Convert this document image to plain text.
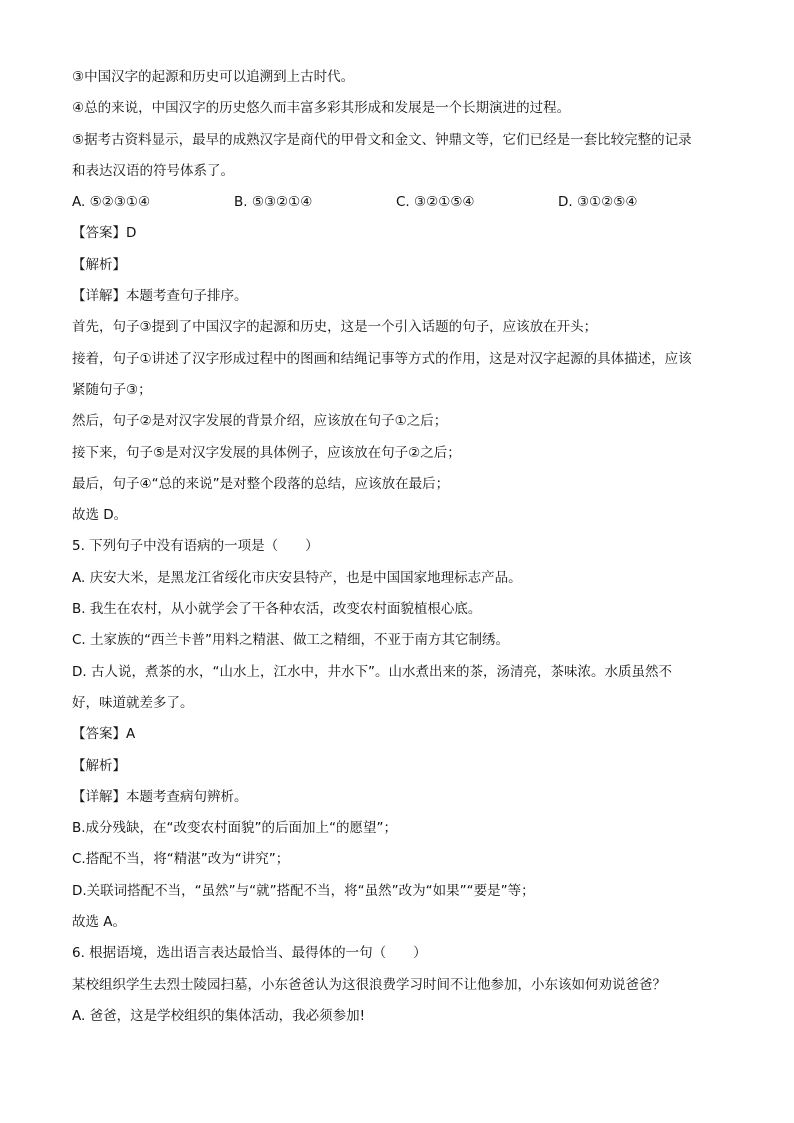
③中国汉字的起源和历史可以追溯到上古时代。

④总的来说，中国汉字的历史悠久而丰富多彩其形成和发展是一个长期演进的过程。

⑤据考古资料显示，最早的成熟汉字是商代的甲骨文和金文、钟鼎文等，它们已经是一套比较完整的记录

和表达汉语的符号体系了。

A. ⑤②③①④	B. ⑤③②①④	C. ③②①⑤④	D. ③①②⑤④

【答案】D

【解析】

【详解】本题考查句子排序。

首先，句子③提到了中国汉字的起源和历史，这是一个引入话题的句子，应该放在开头；

接着，句子①讲述了汉字形成过程中的图画和结绳记事等方式的作用，这是对汉字起源的具体描述，应该

紧随句子③；

然后，句子②是对汉字发展的背景介绍，应该放在句子①之后；

接下来，句子⑤是对汉字发展的具体例子，应该放在句子②之后；

最后，句子④“总的来说”是对整个段落的总结，应该放在最后；

故选 D。

5. 下列句子中没有语病的一项是（　　）

A. 庆安大米，是黑龙江省绥化市庆安县特产，也是中国国家地理标志产品。

B. 我生在农村，从小就学会了干各种农活，改变农村面貌植根心底。

C. 土家族的“西兰卡普”用料之精湛、做工之精细，不亚于南方其它制绣。

D. 古人说，煮茶的水，“山水上，江水中，井水下”。山水煮出来的茶，汤清亮，茶味浓。水质虽然不

好，味道就差多了。

【答案】A

【解析】

【详解】本题考查病句辨析。

B.成分残缺，在“改变农村面貌”的后面加上“的愿望”；

C.搭配不当，将“精湛”改为“讲究”；

D.关联词搭配不当，“虽然”与“就”搭配不当，将“虽然”改为“如果”“要是”等；

故选 A。

6. 根据语境，选出语言表达最恰当、最得体的一句（　　）

某校组织学生去烈士陵园扫墓，小东爸爸认为这很浪费学习时间不让他参加，小东该如何劝说爸爸？

A. 爸爸，这是学校组织的集体活动，我必须参加!
